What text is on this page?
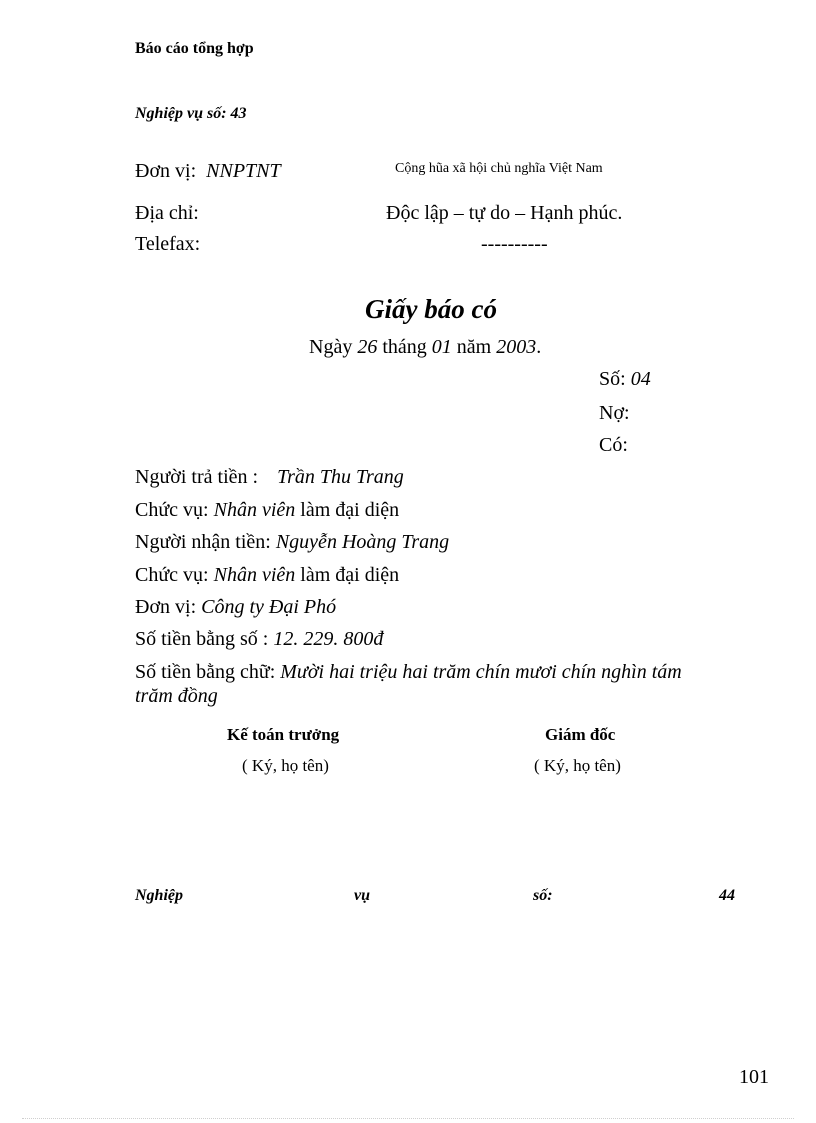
Báo cáo tổng hợp
Nghiệp vụ số: 43
Đơn vị: NNPTNT
Địa chỉ:
Telefax:
Cộng hũa xã hội chủ nghĩa Việt Nam
Độc lập – tự do – Hạnh phúc.
----------
Giấy báo có
Ngày 26 tháng 01 năm 2003.
Số: 04
Nợ:
Có:
Người trả tiền : Trần Thu Trang
Chức vụ: Nhân viên làm đại diện
Người nhận tiền: Nguyễn Hoàng Trang
Chức vụ: Nhân viên làm đại diện
Đơn vị: Công ty Đại Phó
Số tiền bằng số : 12. 229. 800đ
Số tiền bằng chữ: Mười hai triệu hai trăm chín mươi chín nghìn tám
trăm đồng
Kế toán trưởng
( Ký, họ tên)
Giám đốc
( Ký, họ tên)
Nghiệp	vụ	số:	44
101
